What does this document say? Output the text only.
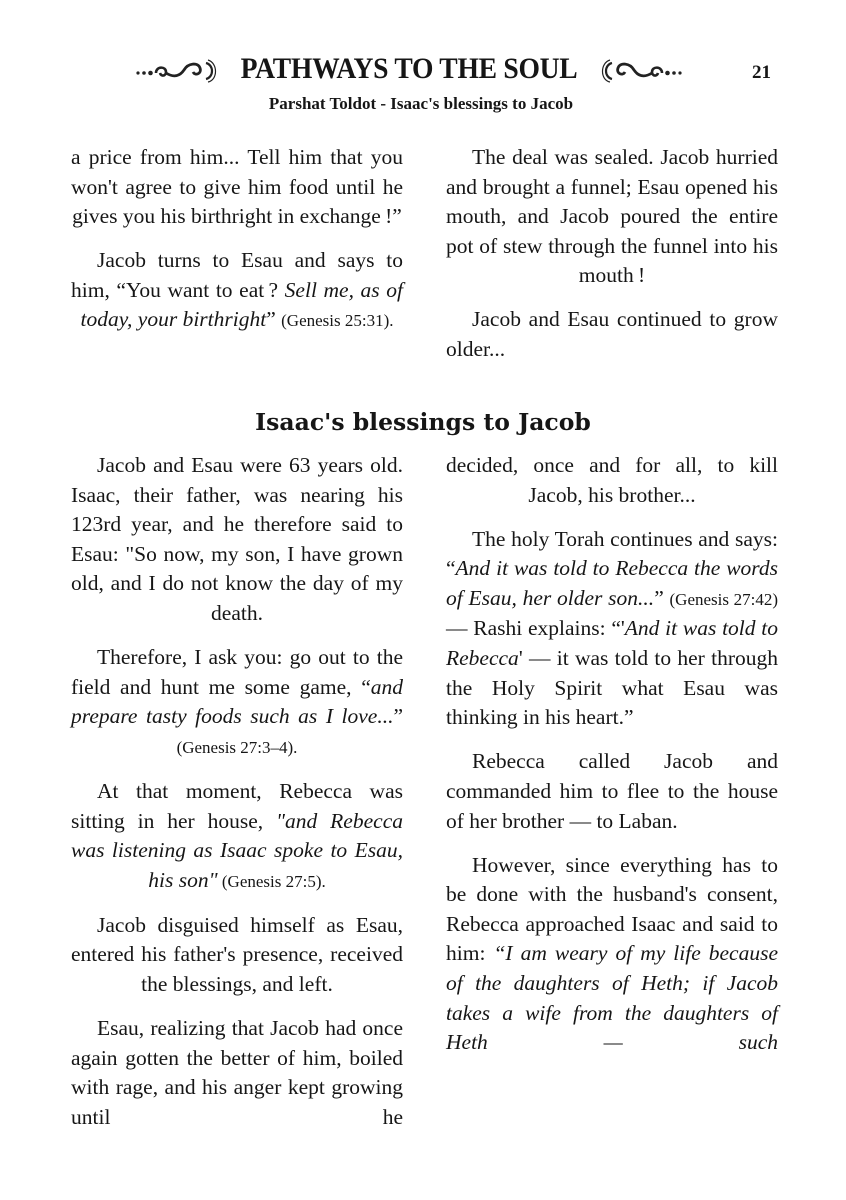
PATHWAYS TO THE SOUL	21
Parshat Toldot - Isaac's blessings to Jacob

a price from him... Tell him that you won't agree to give him food until he gives you his birthright in exchange !”

Jacob turns to Esau and says to him, “You want to eat ? Sell me, as of today, your birthright” (Genesis 25:31).

The deal was sealed. Jacob hurried and brought a funnel; Esau opened his mouth, and Jacob poured the entire pot of stew through the funnel into his mouth !

Jacob and Esau continued to grow older...

Isaac's blessings to Jacob

Jacob and Esau were 63 years old. Isaac, their father, was nearing his 123rd year, and he therefore said to Esau: "So now, my son, I have grown old, and I do not know the day of my death.

Therefore, I ask you: go out to the field and hunt me some game, “and prepare tasty foods such as I love...” (Genesis 27:3–4).

At that moment, Rebecca was sitting in her house, "and Rebecca was listening as Isaac spoke to Esau, his son" (Genesis 27:5).

Jacob disguised himself as Esau, entered his father's presence, received the blessings, and left.

Esau, realizing that Jacob had once again gotten the better of him, boiled with rage, and his anger kept growing until he

decided, once and for all, to kill Jacob, his brother...

The holy Torah continues and says: “And it was told to Rebecca the words of Esau, her older son...” (Genesis 27:42) — Rashi explains: “'And it was told to Rebecca' — it was told to her through the Holy Spirit what Esau was thinking in his heart.”

Rebecca called Jacob and commanded him to flee to the house of her brother — to Laban.

However, since everything has to be done with the husband's consent, Rebecca approached Isaac and said to him: “I am weary of my life because of the daughters of Heth; if Jacob takes a wife from the daughters of Heth — such
